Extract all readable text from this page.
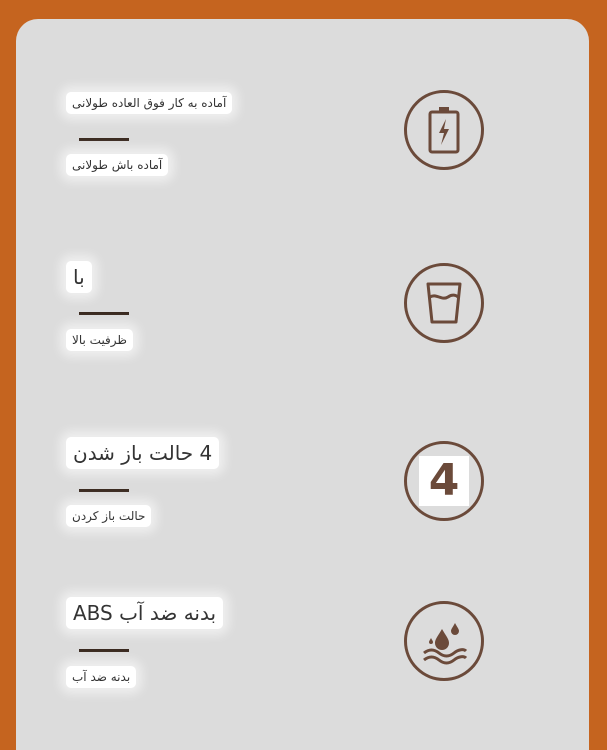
آماده به کار فوق العاده طولانی
آماده باش طولانی
با
ظرفیت بالا
4 حالت باز شدن
حالت باز کردن
4
بدنه ضد آب ABS
بدنه ضد آب
